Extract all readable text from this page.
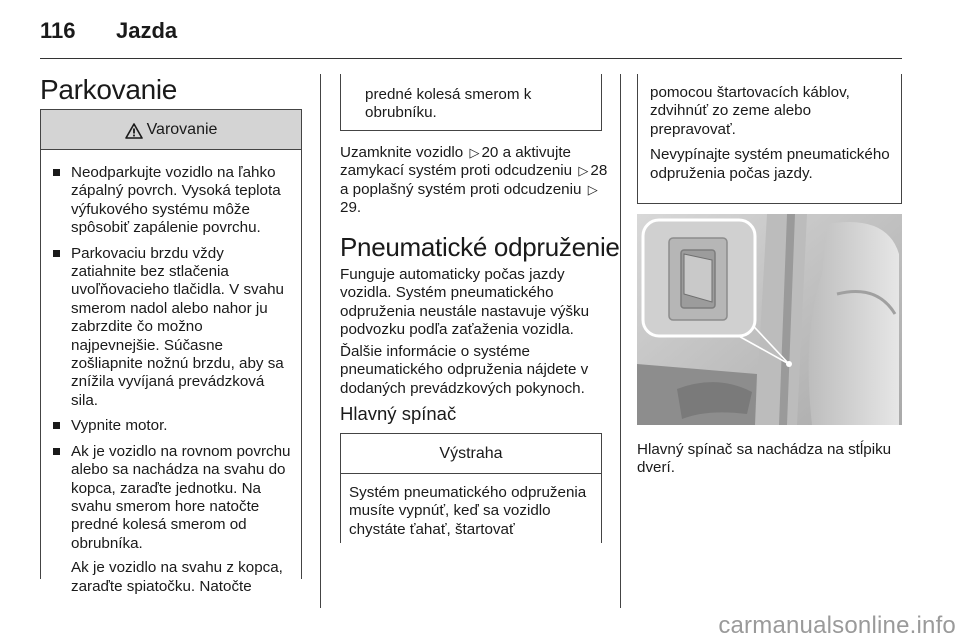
116	Jazda
Parkovanie
Varovanie

Neodparkujte vozidlo na ľahko zápalný povrch. Vysoká teplota výfukového systému môže spôsobiť zapálenie povrchu.

Parkovaciu brzdu vždy zatiahnite bez stlačenia uvoľňovacieho tlačidla. V svahu smerom nadol alebo nahor ju zabrzdite čo možno najpevnejšie. Súčasne zošliapnite nožnú brzdu, aby sa znížila vyvíjaná prevádzková sila.

Vypnite motor.

Ak je vozidlo na rovnom povrchu alebo sa nachádza na svahu do kopca, zaraďte jednotku. Na svahu smerom hore natočte predné kolesá smerom od obrubníka.

Ak je vozidlo na svahu z kopca, zaraďte spiatočku. Natočte

predné kolesá smerom k obrubníku.
Uzamknite vozidlo ▷ 20 a aktivujte zamykací systém proti odcudzeniu ▷ 28 a poplašný systém proti odcudzeniu ▷29.
Pneumatické odpruženie
Funguje automaticky počas jazdy vozidla. Systém pneumatického odpruženia neustále nastavuje výšku podvozku podľa zaťaženia vozidla.
Ďalšie informácie o systéme pneumatického odpruženia nájdete v dodaných prevádzkových pokynoch.
Hlavný spínač
Výstraha
Systém pneumatického odpruženia musíte vypnúť, keď sa vozidlo chystáte ťahať, štartovať

pomocou štartovacích káblov, zdvihnúť zo zeme alebo prepravovať.

Nevypínajte systém pneumatického odpruženia počas jazdy.

Hlavný spínač sa nachádza na stĺpiku dverí.
carmanualsonline.info
